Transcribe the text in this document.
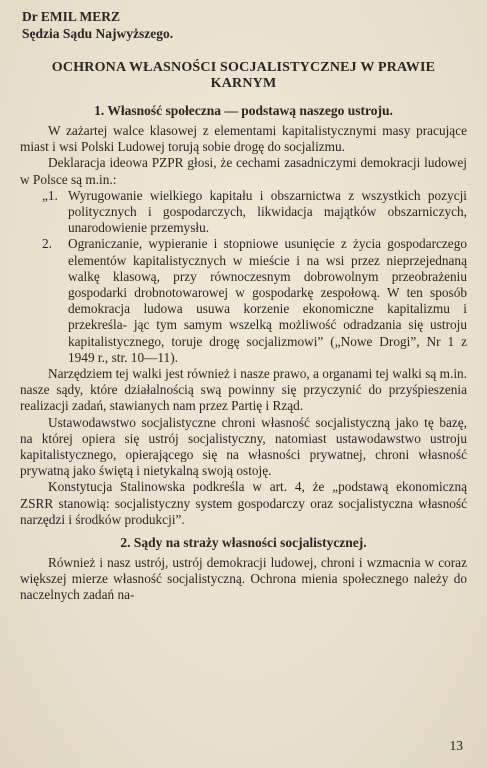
Dr EMIL MERZ
Sędzia Sądu Najwyższego.
OCHRONA WŁASNOŚCI SOCJALISTYCZNEJ W PRAWIE KARNYM
1. Własność społeczna — podstawą naszego ustroju.

W zażartej walce klasowej z elementami kapitalistycznymi masy pracujące miast i wsi Polski Ludowej torują sobie drogę do socjalizmu.

Deklaracja ideowa PZPR głosi, że cechami zasadniczymi demokracji ludowej w Polsce są m.in.:

„1. Wyrugowanie wielkiego kapitału i obszarnictwa z wszystkich pozycji politycznych i gospodarczych, likwidacja majątków obszarniczych, unarodowienie przemysłu.
2. Ograniczanie, wypieranie i stopniowe usunięcie z życia gospodarczego elementów kapitalistycznych w mieście i na wsi przez nieprzejednaną walkę klasową, przy równoczesnym dobrowolnym przeobrażeniu gospodarki drobnotowarowej w gospodarkę zespołową. W ten sposób demokracja ludowa usuwa korzenie ekonomiczne kapitalizmu i przekreśla- jąc tym samym wszelką możliwość odradzania się ustroju kapitalistycznego, toruje drogę socjalizmowi” („Nowe Drogi”, Nr 1 z 1949 r., str. 10—11).

Narzędziem tej walki jest również i nasze prawo, a organami tej walki są m.in. nasze sądy, które działalnością swą powinny się przyczynić do przyśpieszenia realizacji zadań, stawianych nam przez Partię i Rząd.

Ustawodawstwo socjalistyczne chroni własność socjalistyczną jako tę bazę, na której opiera się ustrój socjalistyczny, natomiast ustawodawstwo ustroju kapitalistycznego, opierającego się na własności prywatnej, chroni własność prywatną jako świętą i nietykalną swoją ostoję.

Konstytucja Stalinowska podkreśla w art. 4, że „podstawą ekonomiczną ZSRR stanowią: socjalistyczny system gospodarczy oraz socjalistyczna własność narzędzi i środków produkcji”.

2. Sądy na straży własności socjalistycznej.

Również i nasz ustrój, ustrój demokracji ludowej, chroni i wzmacnia w coraz większej mierze własność socjalistyczną. Ochrona mienia społecznego należy do naczelnych zadań na-

13
